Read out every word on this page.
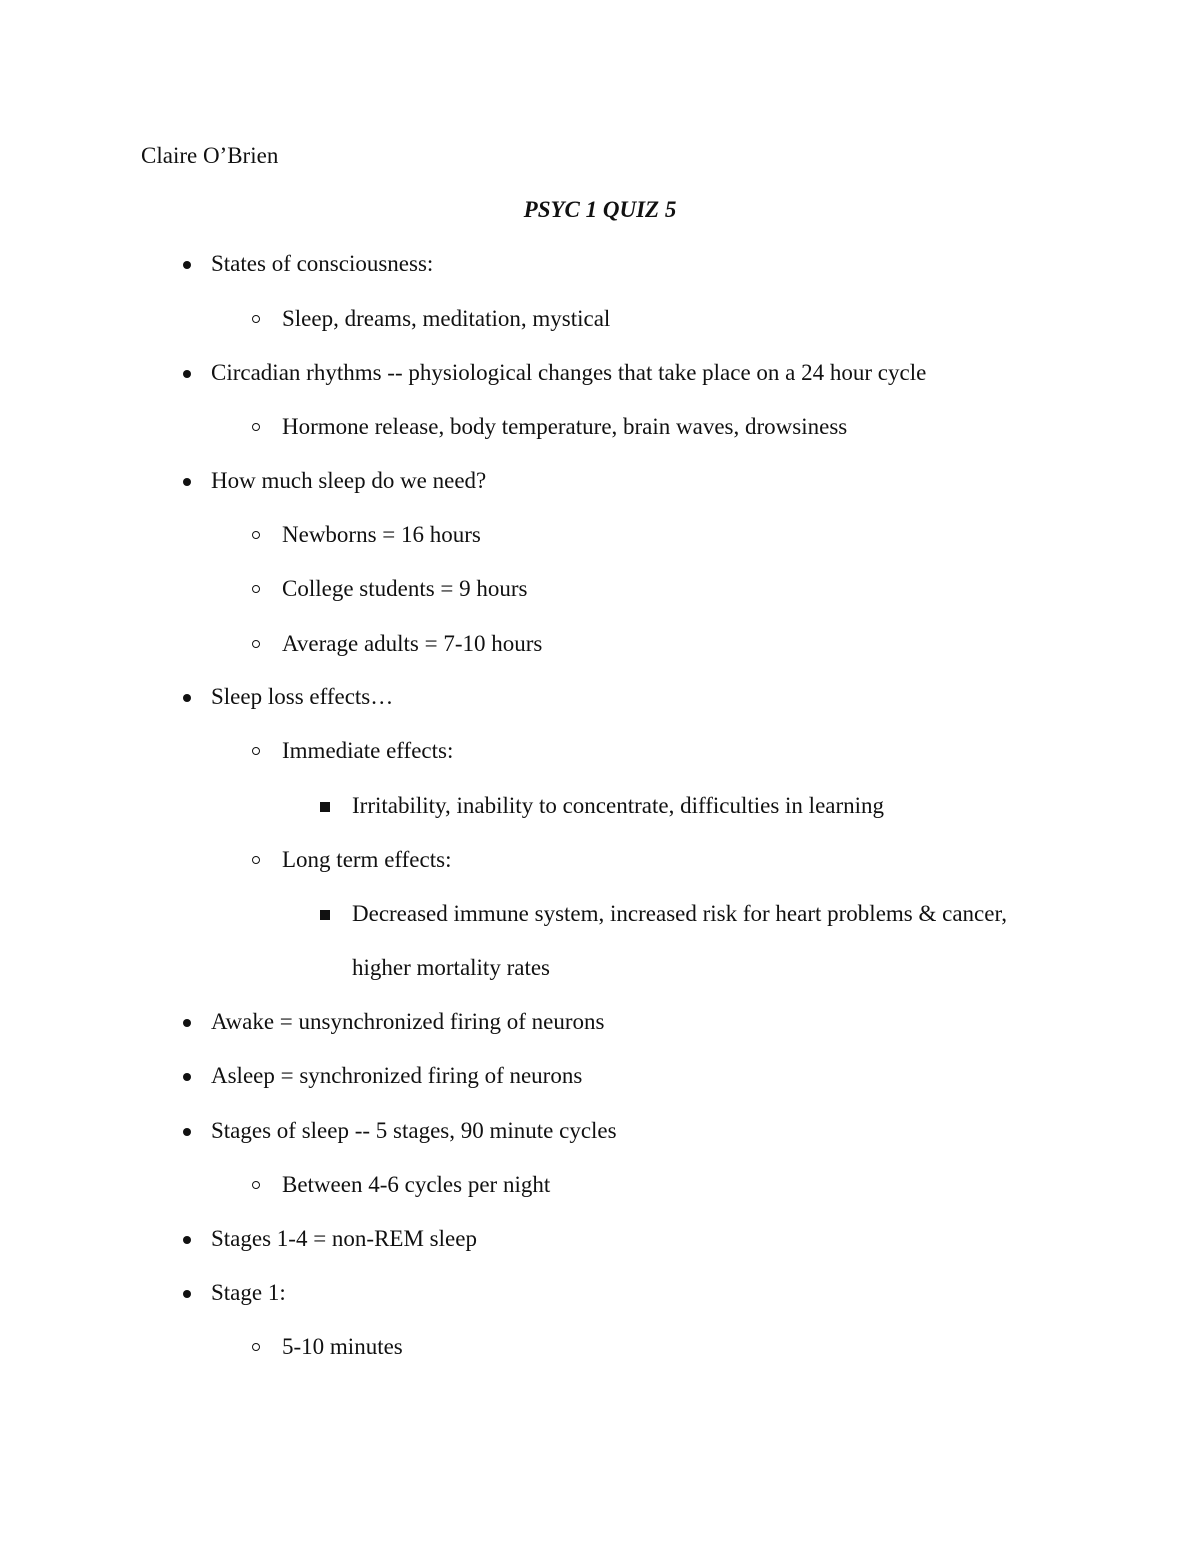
Claire O’Brien
PSYC 1 QUIZ 5
States of consciousness:
Sleep, dreams, meditation, mystical
Circadian rhythms -- physiological changes that take place on a 24 hour cycle
Hormone release, body temperature, brain waves, drowsiness
How much sleep do we need?
Newborns = 16 hours
College students = 9 hours
Average adults = 7-10 hours
Sleep loss effects…
Immediate effects:
Irritability, inability to concentrate, difficulties in learning
Long term effects:
Decreased immune system, increased risk for heart problems & cancer,
higher mortality rates
Awake = unsynchronized firing of neurons
Asleep = synchronized firing of neurons
Stages of sleep -- 5 stages, 90 minute cycles
Between 4-6 cycles per night
Stages 1-4 = non-REM sleep
Stage 1:
5-10 minutes
